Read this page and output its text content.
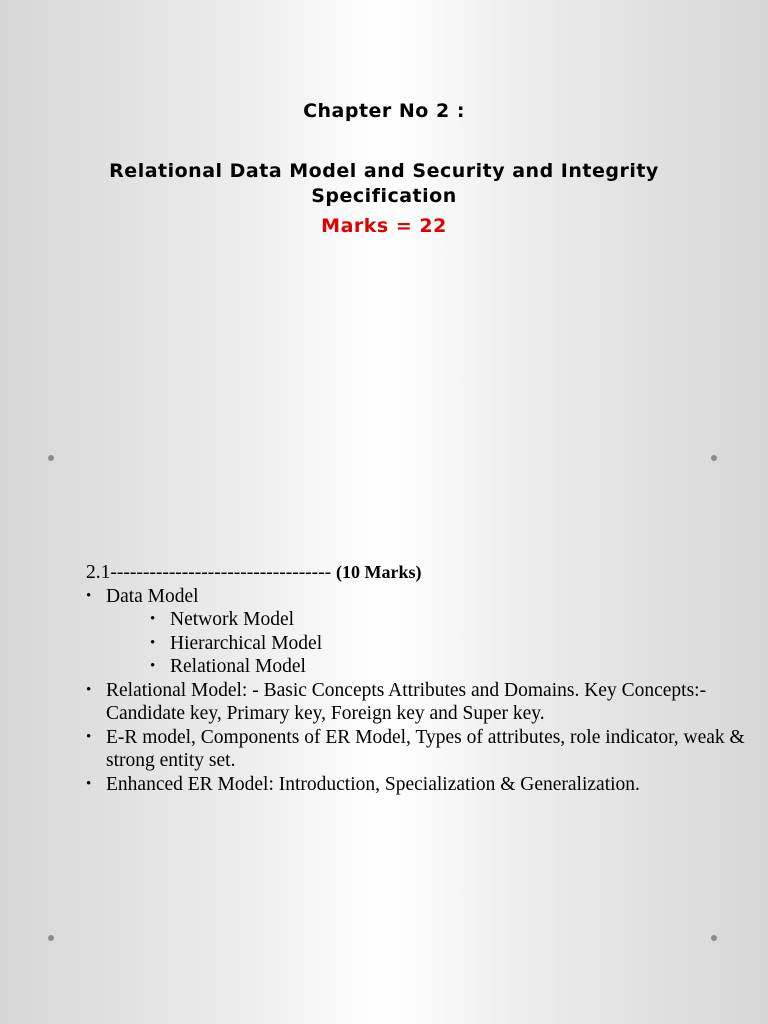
Chapter No 2 :

Relational Data Model and Security and Integrity Specification

Marks = 22

2.1---------------------------------- (10 Marks)
• Data Model
• Network Model
• Hierarchical Model
• Relational Model
• Relational Model: - Basic Concepts Attributes and Domains. Key Concepts:- Candidate key, Primary key, Foreign key and Super key.
• E-R model, Components of ER Model, Types of attributes, role indicator, weak & strong entity set.
• Enhanced ER Model: Introduction, Specialization & Generalization.
